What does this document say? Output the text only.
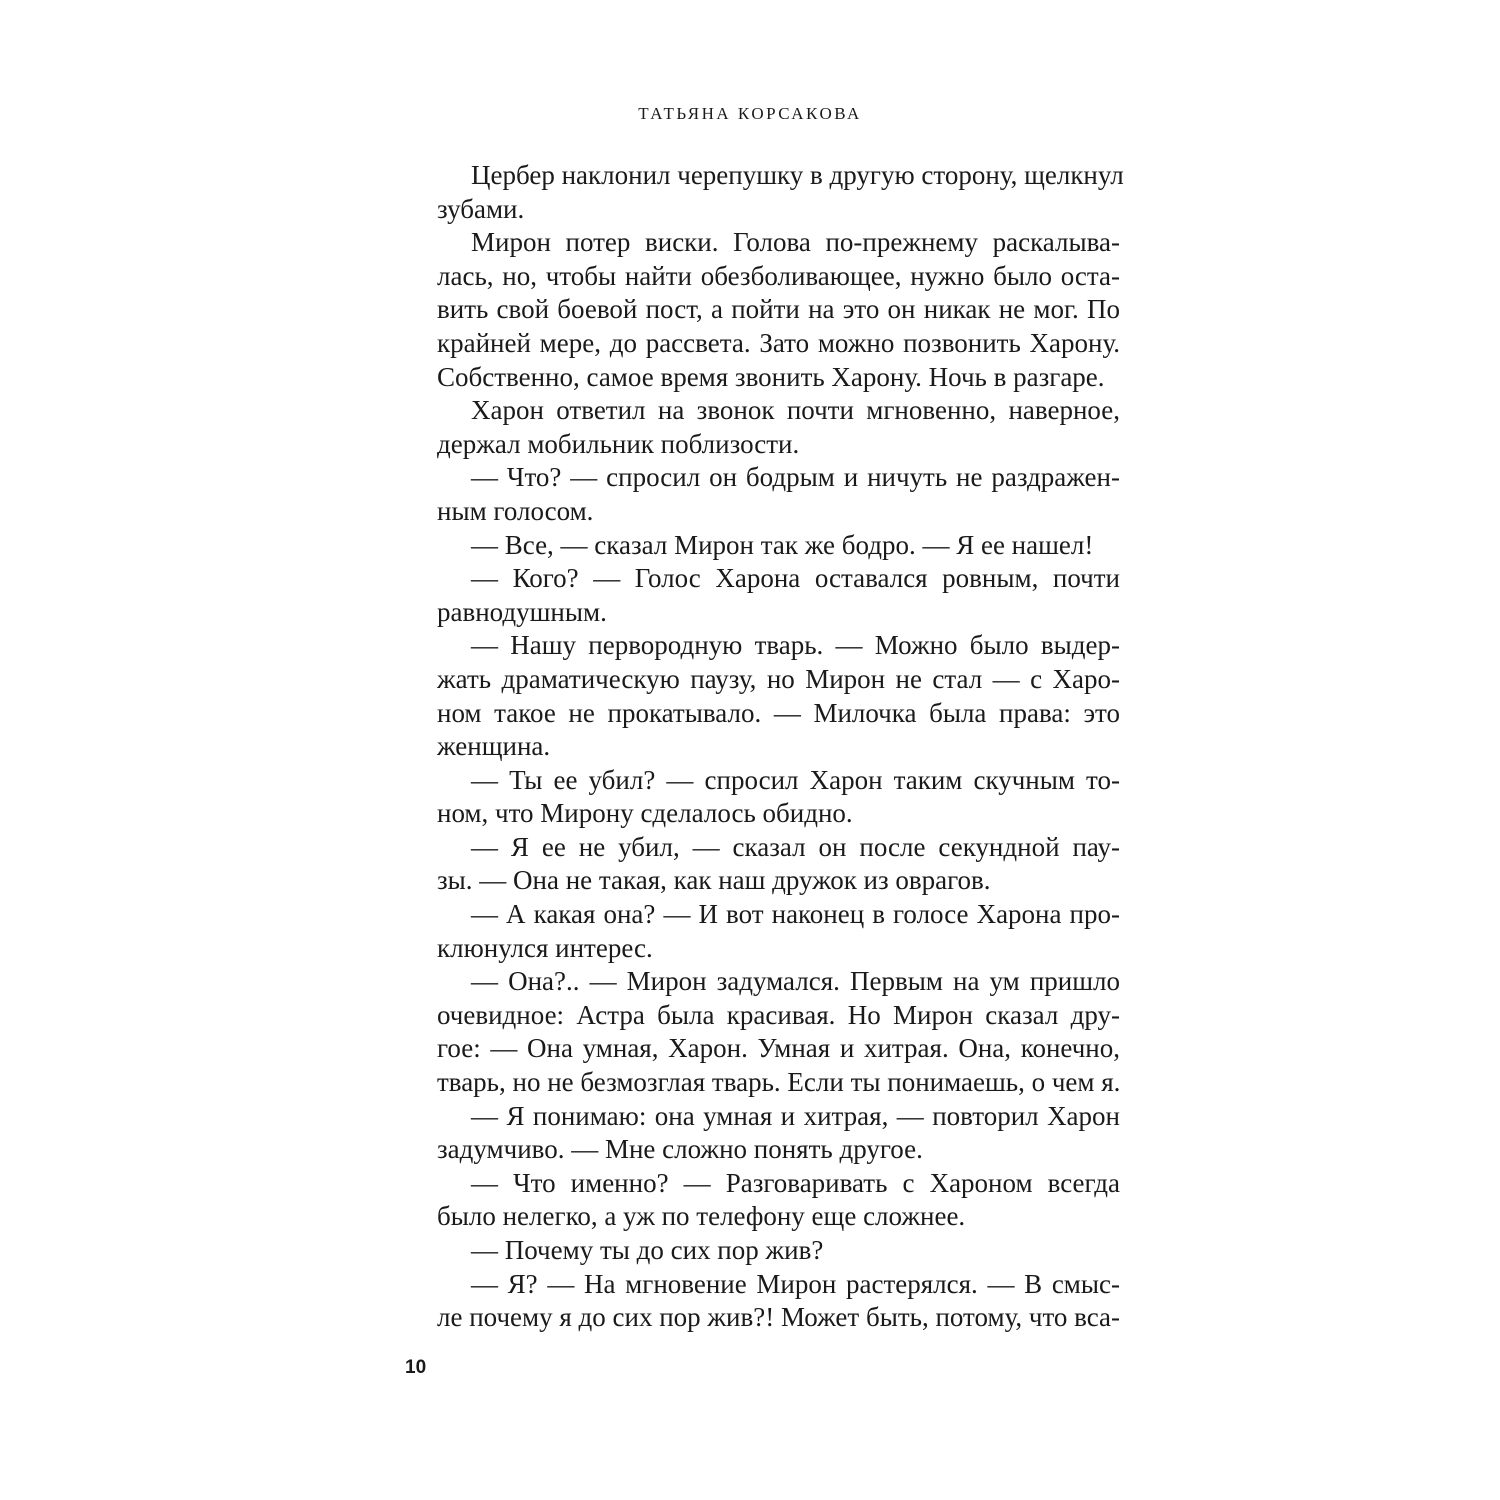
ТАТЬЯНА КОРСАКОВА
Цербер наклонил черепушку в другую сторону, щелкнул
зубами.
Мирон потер виски. Голова по-прежнему раскалыва-
лась, но, чтобы найти обезболивающее, нужно было оста-
вить свой боевой пост, а пойти на это он никак не мог. По
крайней мере, до рассвета. Зато можно позвонить Харону.
Собственно, самое время звонить Харону. Ночь в разгаре.
Харон ответил на звонок почти мгновенно, наверное,
держал мобильник поблизости.
— Что? — спросил он бодрым и ничуть не раздражен-
ным голосом.
— Все, — сказал Мирон так же бодро. — Я ее нашел!
— Кого? — Голос Харона оставался ровным, почти
равнодушным.
— Нашу первородную тварь. — Можно было выдер-
жать драматическую паузу, но Мирон не стал — с Харо-
ном такое не прокатывало. — Милочка была права: это
женщина.
— Ты ее убил? — спросил Харон таким скучным то-
ном, что Мирону сделалось обидно.
— Я ее не убил, — сказал он после секундной пау-
зы. — Она не такая, как наш дружок из оврагов.
— А какая она? — И вот наконец в голосе Харона про-
клюнулся интерес.
— Она?.. — Мирон задумался. Первым на ум пришло
очевидное: Астра была красивая. Но Мирон сказал дру-
гое: — Она умная, Харон. Умная и хитрая. Она, конечно,
тварь, но не безмозглая тварь. Если ты понимаешь, о чем я.
— Я понимаю: она умная и хитрая, — повторил Харон
задумчиво. — Мне сложно понять другое.
— Что именно? — Разговаривать с Хароном всегда
было нелегко, а уж по телефону еще сложнее.
— Почему ты до сих пор жив?
— Я? — На мгновение Мирон растерялся. — В смыс-
ле почему я до сих пор жив?! Может быть, потому, что вса-
10
